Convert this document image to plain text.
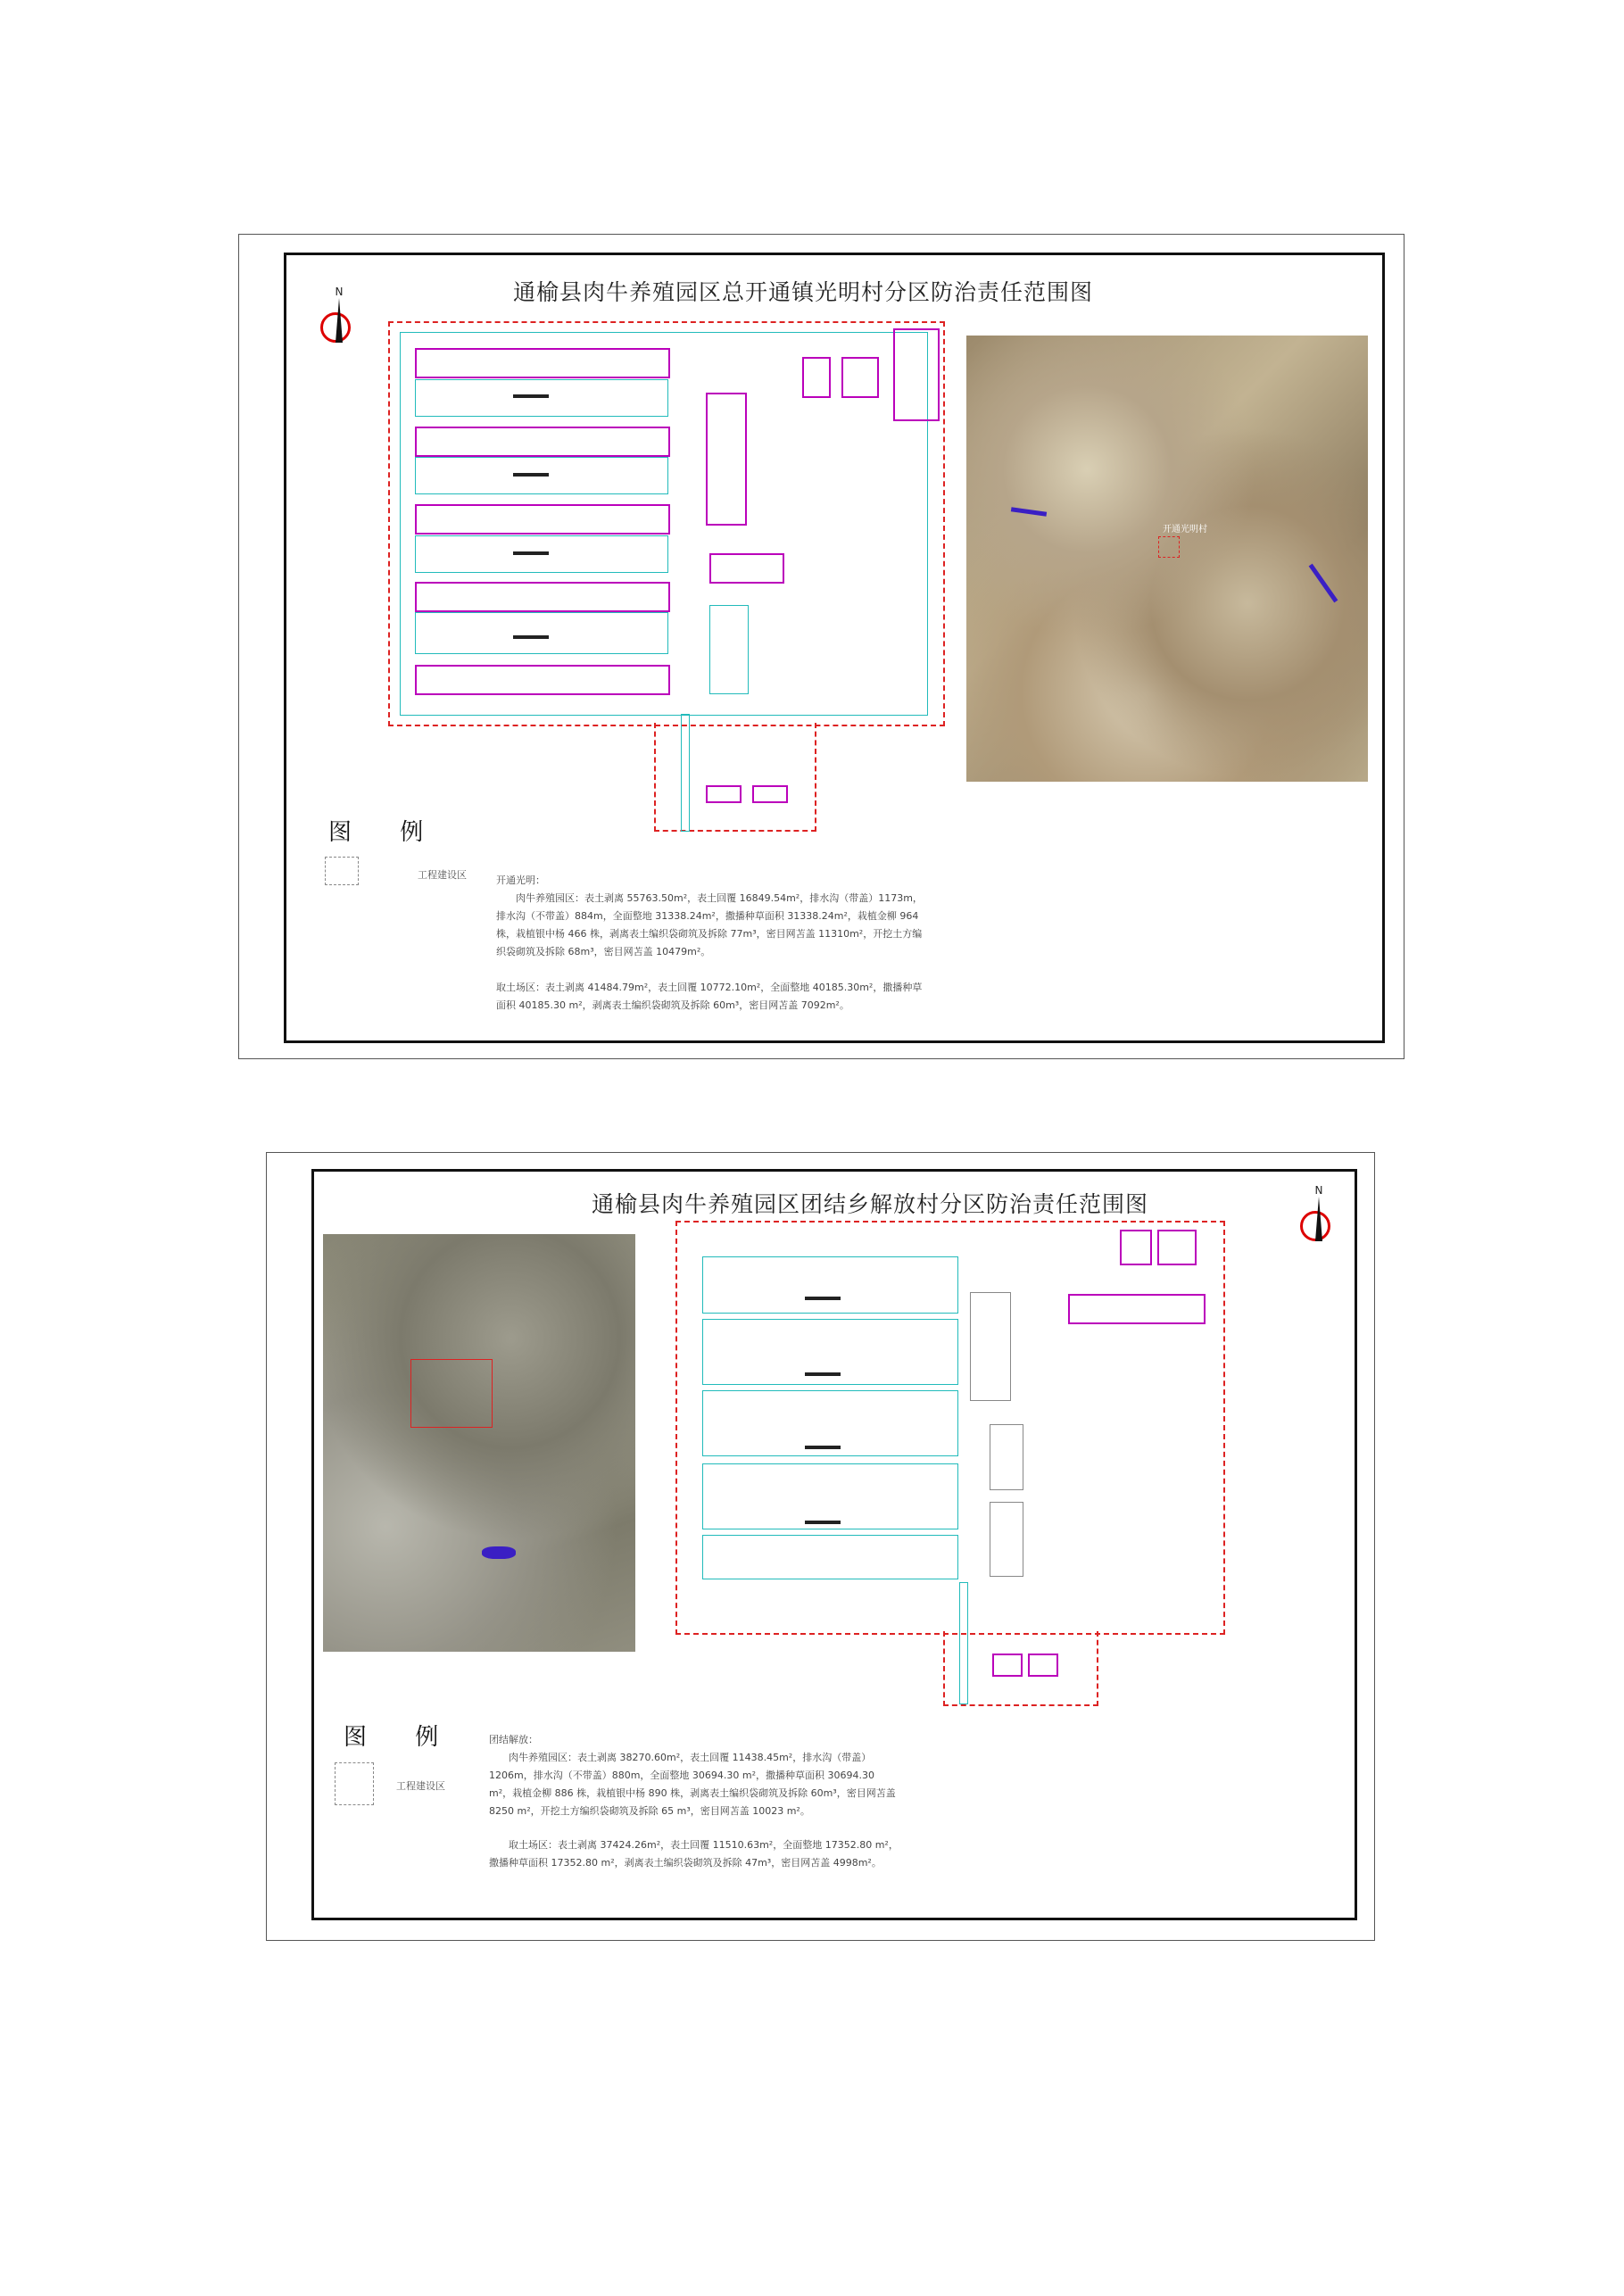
通榆县肉牛养殖园区总开通镇光明村分区防治责任范围图
N
开通光明村
图 例
工程建设区	开通光明：
肉牛养殖园区：表土剥离 55763.50m²，表土回覆 16849.54m²，排水沟（带盖）1173m，排水沟（不带盖）884m，全面整地 31338.24m²，撒播种草面积 31338.24m²，栽植金柳 964 株，栽植银中杨 466 株，剥离表土编织袋砌筑及拆除 77m³，密目网苫盖 11310m²，开挖土方编织袋砌筑及拆除 68m³，密目网苫盖 10479m²。
取土场区：表土剥离 41484.79m²，表土回覆 10772.10m²，全面整地 40185.30m²，撒播种草面积 40185.30 m²，剥离表土编织袋砌筑及拆除 60m³，密目网苫盖 7092m²。
通榆县肉牛养殖园区团结乡解放村分区防治责任范围图
N
图 例
工程建设区
团结解放：
肉牛养殖园区：表土剥离 38270.60m²，表土回覆 11438.45m²，排水沟（带盖）1206m，排水沟（不带盖）880m，全面整地 30694.30 m²，撒播种草面积 30694.30 m²，栽植金柳 886 株，栽植银中杨 890 株，剥离表土编织袋砌筑及拆除 60m³，密目网苫盖 8250 m²，开挖土方编织袋砌筑及拆除 65 m³，密目网苫盖 10023 m²。
取土场区：表土剥离 37424.26m²，表土回覆 11510.63m²，全面整地 17352.80 m²，撒播种草面积 17352.80 m²，剥离表土编织袋砌筑及拆除 47m³，密目网苫盖 4998m²。
